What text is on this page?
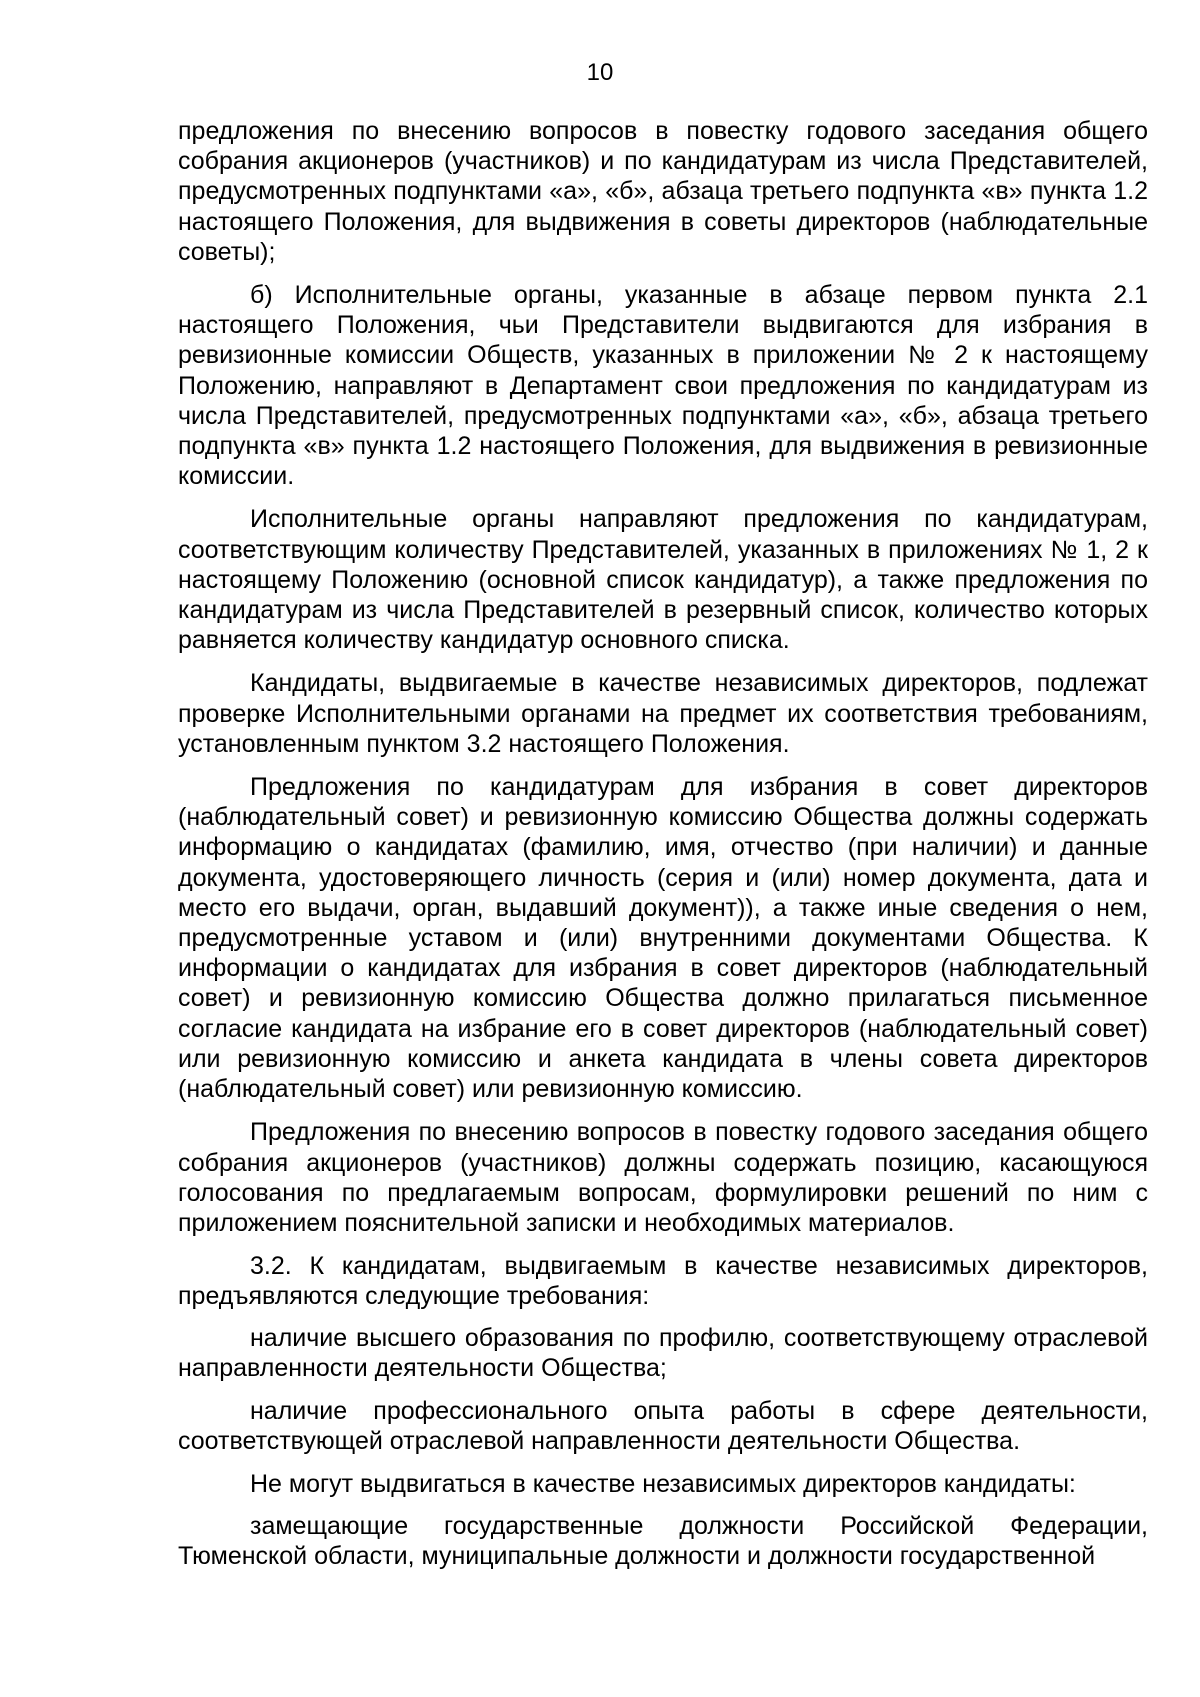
10

предложения по внесению вопросов в повестку годового заседания общего собрания акционеров (участников) и по кандидатурам из числа Представителей, предусмотренных подпунктами «а», «б», абзаца третьего подпункта «в» пункта 1.2 настоящего Положения, для выдвижения в советы директоров (наблюдательные советы);

б) Исполнительные органы, указанные в абзаце первом пункта 2.1 настоящего Положения, чьи Представители выдвигаются для избрания в ревизионные комиссии Обществ, указанных в приложении № 2 к настоящему Положению, направляют в Департамент свои предложения по кандидатурам из числа Представителей, предусмотренных подпунктами «а», «б», абзаца третьего подпункта «в» пункта 1.2 настоящего Положения, для выдвижения в ревизионные комиссии.

Исполнительные органы направляют предложения по кандидатурам, соответствующим количеству Представителей, указанных в приложениях № 1, 2 к настоящему Положению (основной список кандидатур), а также предложения по кандидатурам из числа Представителей в резервный список, количество которых равняется количеству кандидатур основного списка.

Кандидаты, выдвигаемые в качестве независимых директоров, подлежат проверке Исполнительными органами на предмет их соответствия требованиям, установленным пунктом 3.2 настоящего Положения.

Предложения по кандидатурам для избрания в совет директоров (наблюдательный совет) и ревизионную комиссию Общества должны содержать информацию о кандидатах (фамилию, имя, отчество (при наличии) и данные документа, удостоверяющего личность (серия и (или) номер документа, дата и место его выдачи, орган, выдавший документ)), а также иные сведения о нем, предусмотренные уставом и (или) внутренними документами Общества. К информации о кандидатах для избрания в совет директоров (наблюдательный совет) и ревизионную комиссию Общества должно прилагаться письменное согласие кандидата на избрание его в совет директоров (наблюдательный совет) или ревизионную комиссию и анкета кандидата в члены совета директоров (наблюдательный совет) или ревизионную комиссию.

Предложения по внесению вопросов в повестку годового заседания общего собрания акционеров (участников) должны содержать позицию, касающуюся голосования по предлагаемым вопросам, формулировки решений по ним с приложением пояснительной записки и необходимых материалов.

3.2. К кандидатам, выдвигаемым в качестве независимых директоров, предъявляются следующие требования:

наличие высшего образования по профилю, соответствующему отраслевой направленности деятельности Общества;

наличие профессионального опыта работы в сфере деятельности, соответствующей отраслевой направленности деятельности Общества.

Не могут выдвигаться в качестве независимых директоров кандидаты:

замещающие государственные должности Российской Федерации, Тюменской области, муниципальные должности и должности государственной
